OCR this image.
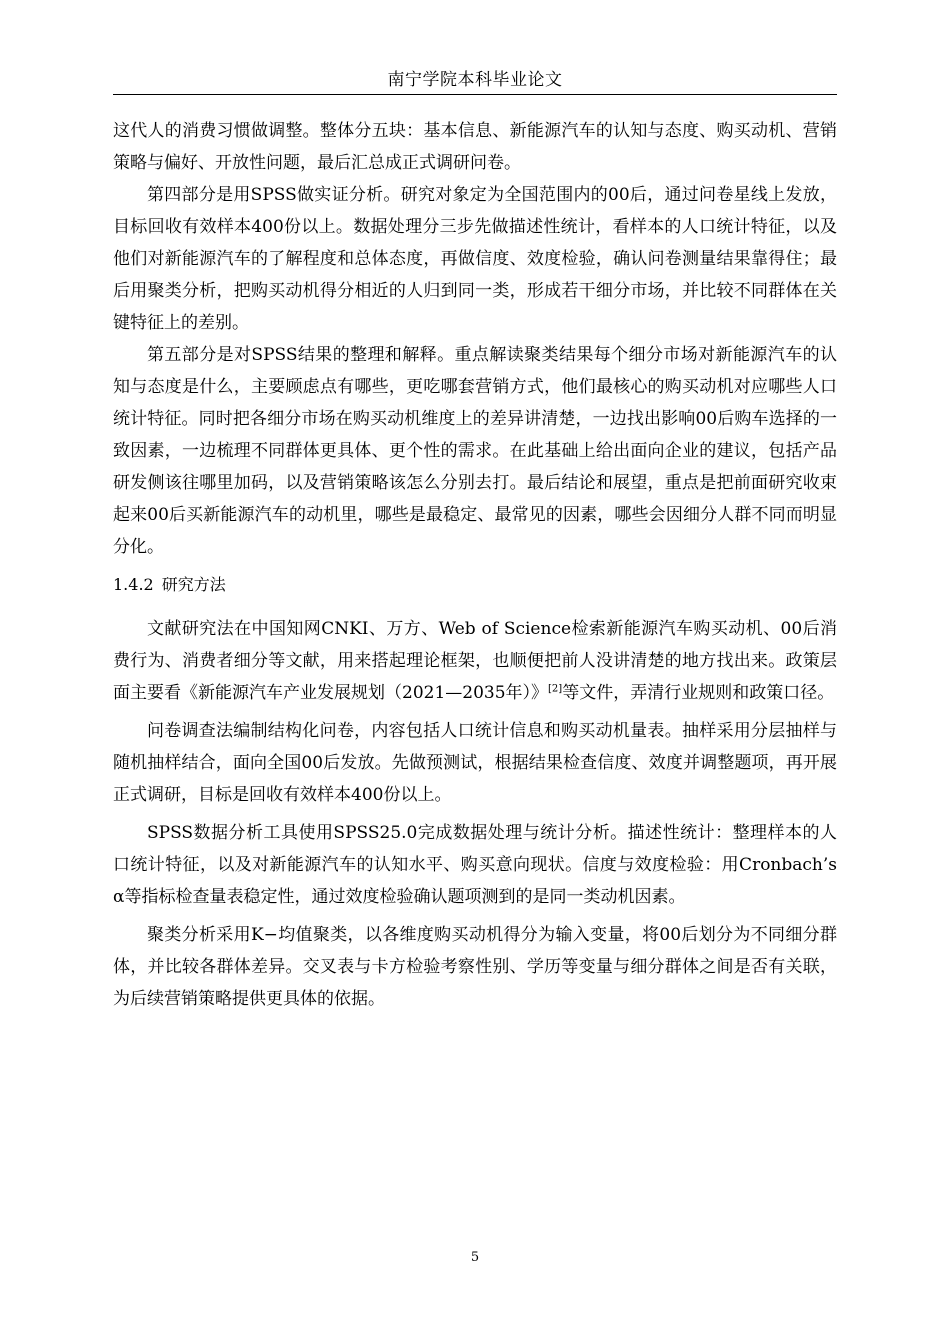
南宁学院本科毕业论文

这代人的消费习惯做调整。整体分五块：基本信息、新能源汽车的认知与态度、购买动机、营销策略与偏好、开放性问题，最后汇总成正式调研问卷。

第四部分是用SPSS做实证分析。研究对象定为全国范围内的00后，通过问卷星线上发放，目标回收有效样本400份以上。数据处理分三步先做描述性统计，看样本的人口统计特征，以及他们对新能源汽车的了解程度和总体态度，再做信度、效度检验，确认问卷测量结果靠得住；最后用聚类分析，把购买动机得分相近的人归到同一类，形成若干细分市场，并比较不同群体在关键特征上的差别。

第五部分是对SPSS结果的整理和解释。重点解读聚类结果每个细分市场对新能源汽车的认知与态度是什么，主要顾虑点有哪些，更吃哪套营销方式，他们最核心的购买动机对应哪些人口统计特征。同时把各细分市场在购买动机维度上的差异讲清楚，一边找出影响00后购车选择的一致因素，一边梳理不同群体更具体、更个性的需求。在此基础上给出面向企业的建议，包括产品研发侧该往哪里加码，以及营销策略该怎么分别去打。最后结论和展望，重点是把前面研究收束起来00后买新能源汽车的动机里，哪些是最稳定、最常见的因素，哪些会因细分人群不同而明显分化。

1.4.2 研究方法

文献研究法在中国知网CNKI、万方、Web of Science检索新能源汽车购买动机、00后消费行为、消费者细分等文献，用来搭起理论框架，也顺便把前人没讲清楚的地方找出来。政策层面主要看《新能源汽车产业发展规划（2021—2035年）》[2]等文件，弄清行业规则和政策口径。

问卷调查法编制结构化问卷，内容包括人口统计信息和购买动机量表。抽样采用分层抽样与随机抽样结合，面向全国00后发放。先做预测试，根据结果检查信度、效度并调整题项，再开展正式调研，目标是回收有效样本400份以上。

SPSS数据分析工具使用SPSS25.0完成数据处理与统计分析。描述性统计：整理样本的人口统计特征，以及对新能源汽车的认知水平、购买意向现状。信度与效度检验：用Cronbach’s α等指标检查量表稳定性，通过效度检验确认题项测到的是同一类动机因素。

聚类分析采用K−均值聚类，以各维度购买动机得分为输入变量，将00后划分为不同细分群体，并比较各群体差异。交叉表与卡方检验考察性别、学历等变量与细分群体之间是否有关联，为后续营销策略提供更具体的依据。

5
